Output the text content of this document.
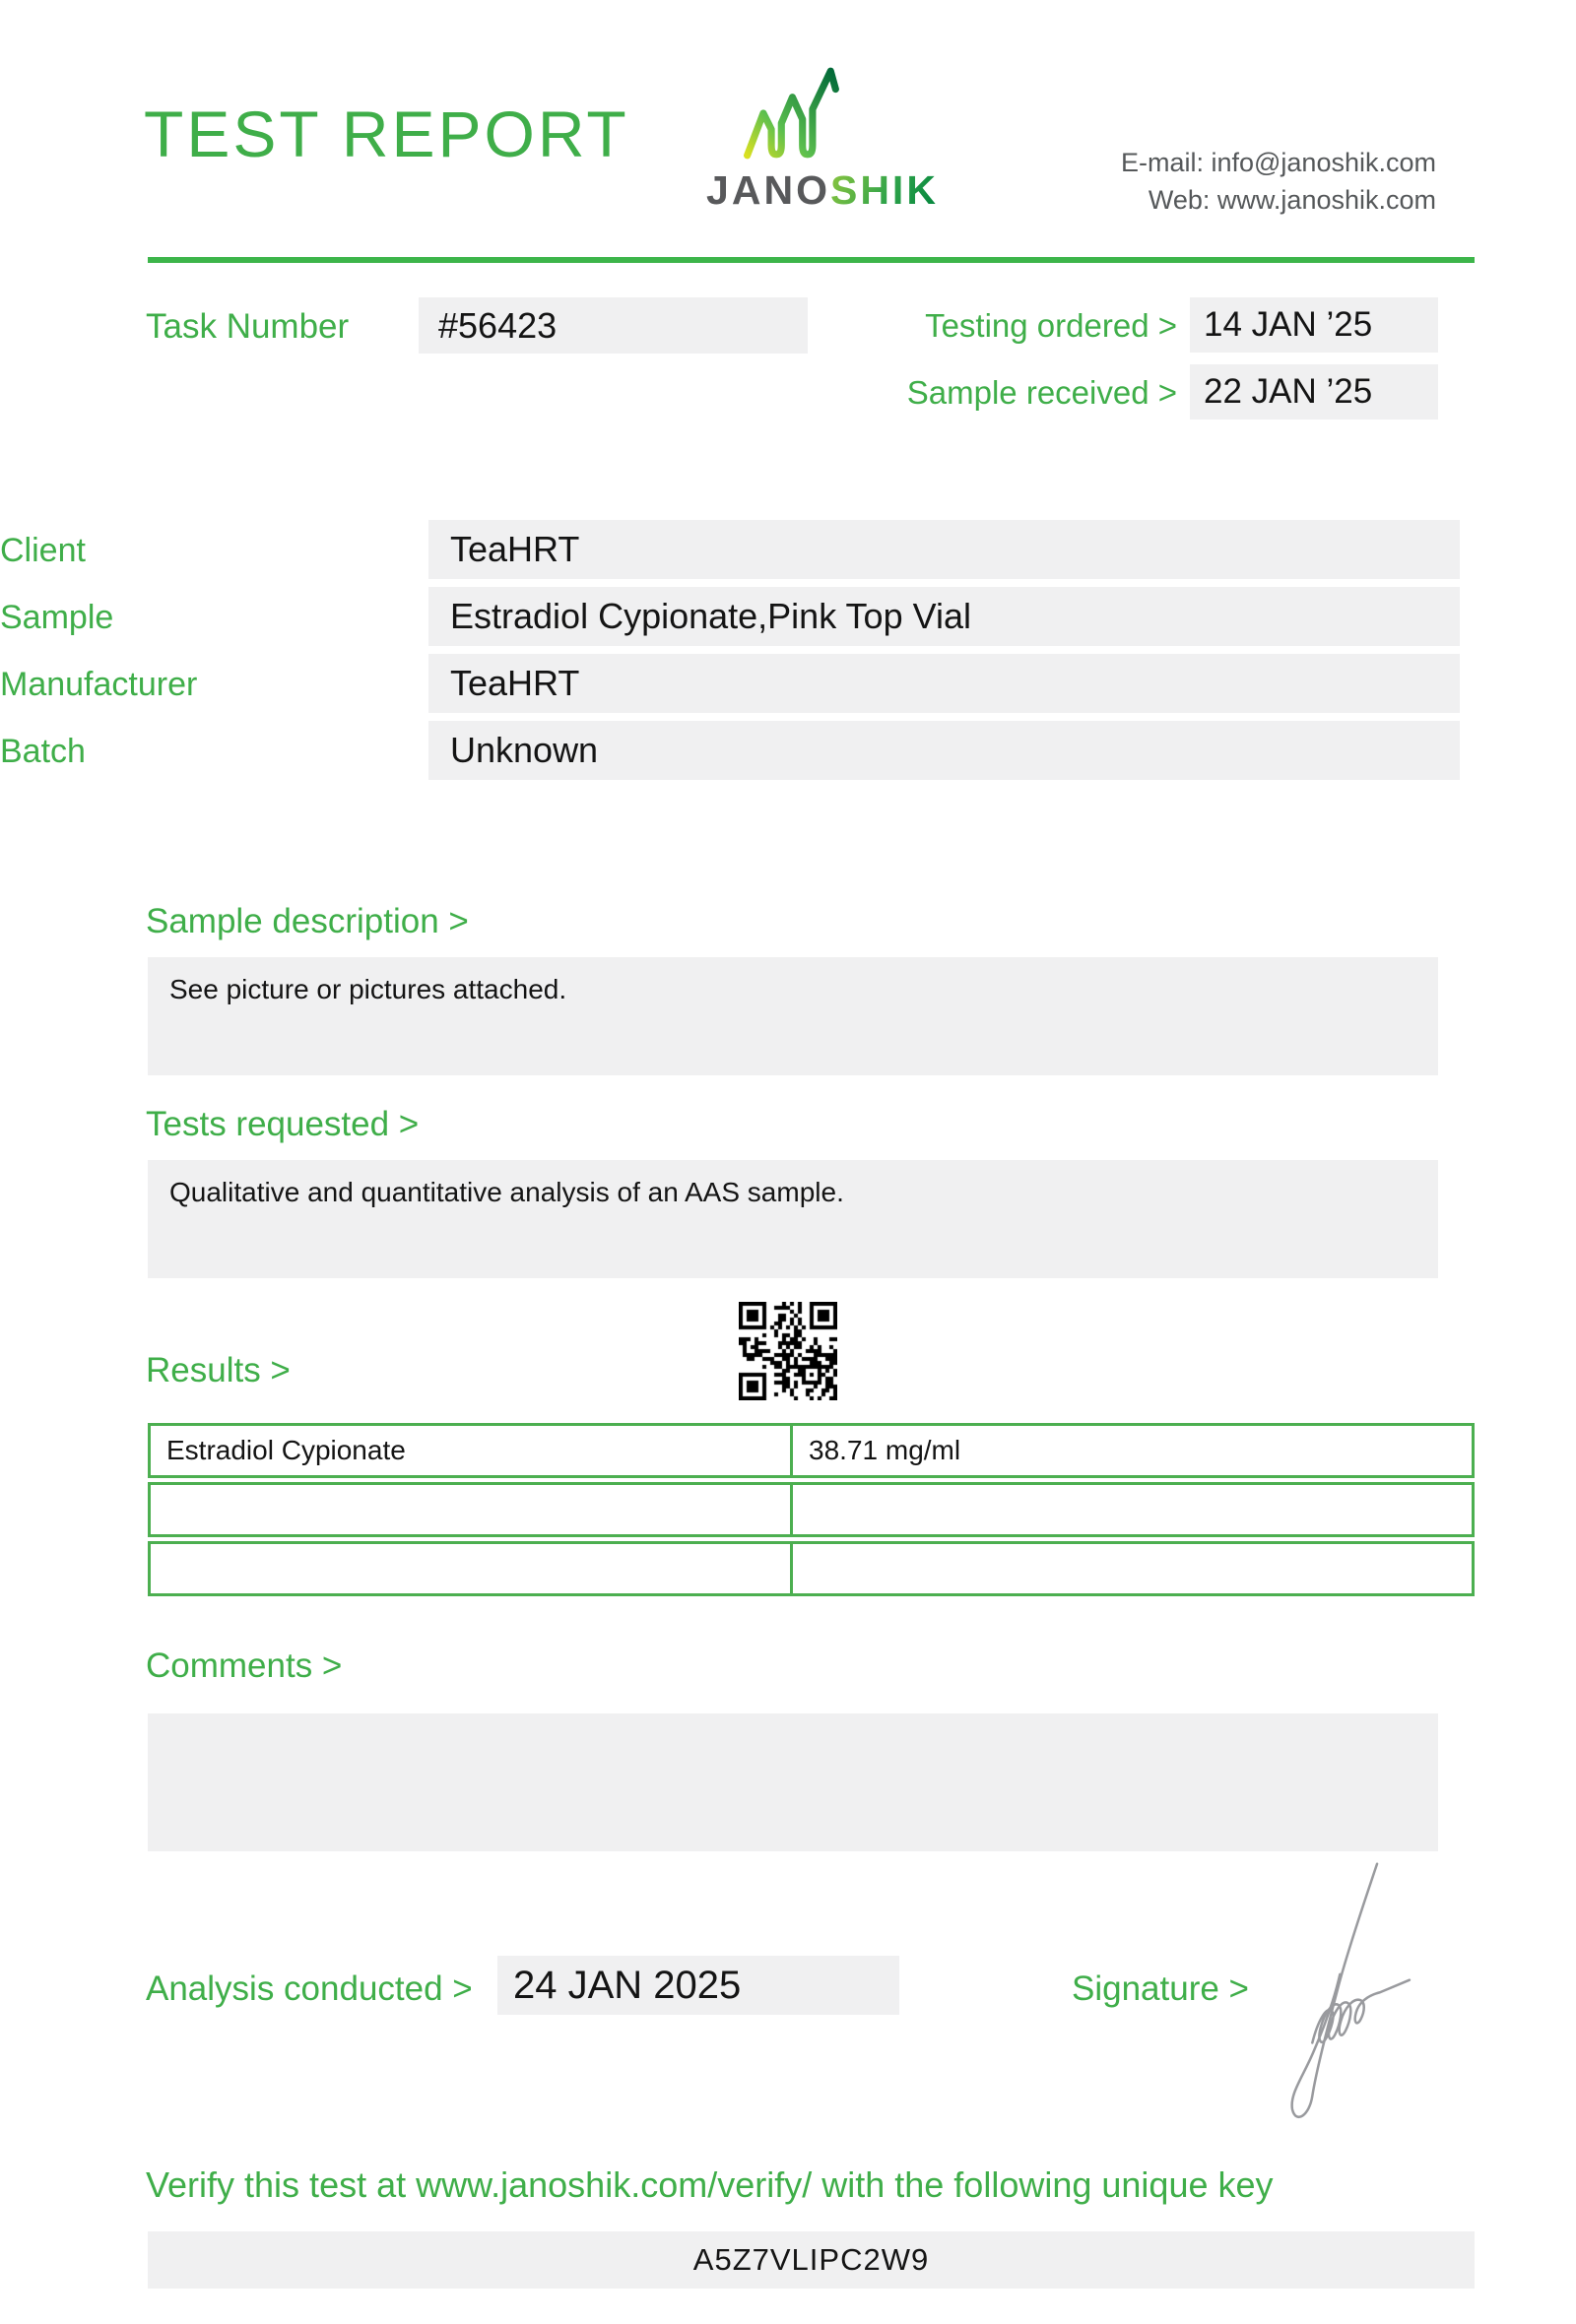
TEST REPORT
JANOSHIK
E-mail: info@janoshik.com
Web: www.janoshik.com
Task Number	#56423	Testing ordered > 14 JAN ’25
Sample received > 22 JAN ’25
Client	TeaHRT
Sample	Estradiol Cypionate,Pink Top Vial
Manufacturer	TeaHRT
Batch	Unknown
Sample description >
See picture or pictures attached.
Tests requested >
Qualitative and quantitative analysis of an AAS sample.
Results >
Estradiol Cypionate	38.71 mg/ml
Comments >
Analysis conducted >	24 JAN 2025	Signature >
Verify this test at www.janoshik.com/verify/ with the following unique key
A5Z7VLIPC2W9
